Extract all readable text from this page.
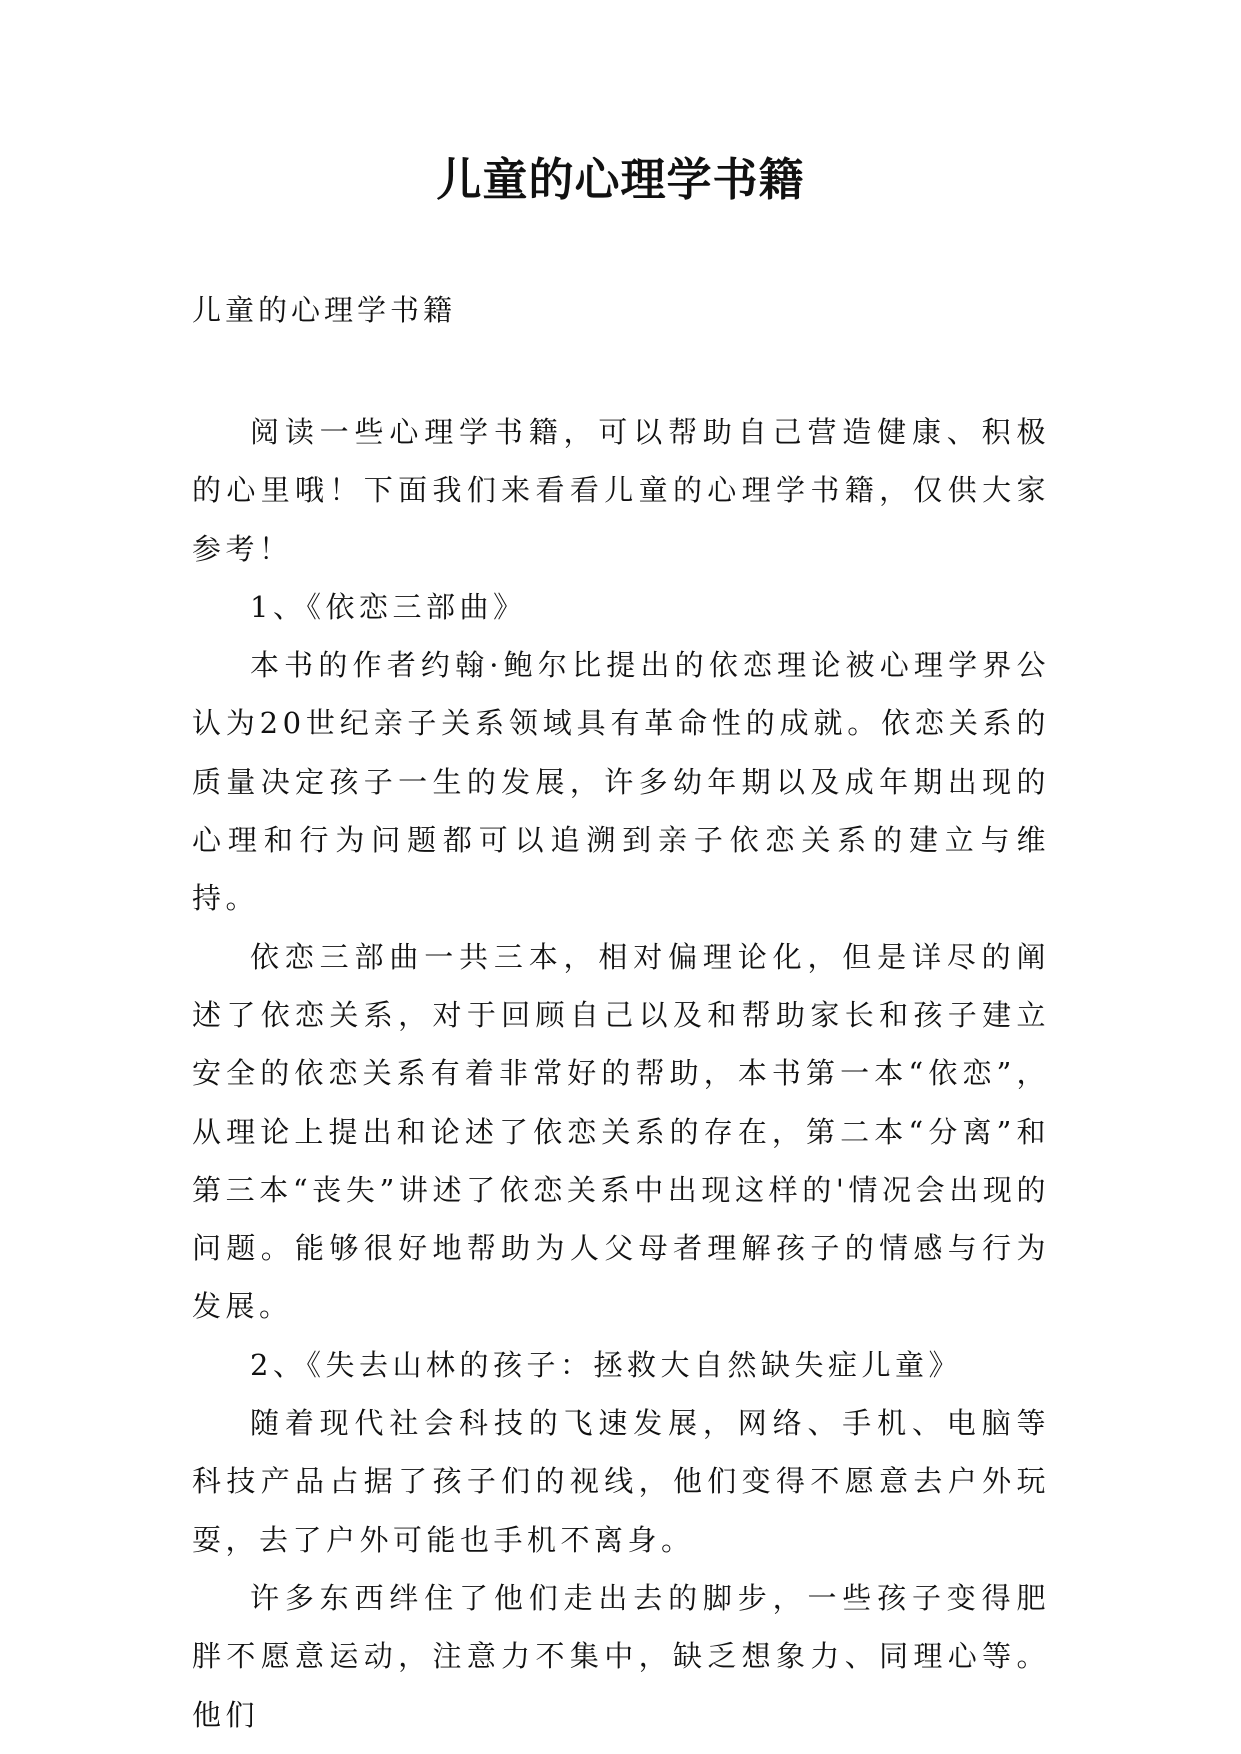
儿童的心理学书籍
儿童的心理学书籍

阅读一些心理学书籍，可以帮助自己营造健康、积极的心里哦！下面我们来看看儿童的心理学书籍，仅供大家参考！

1、《依恋三部曲》

本书的作者约翰·鲍尔比提出的依恋理论被心理学界公认为20世纪亲子关系领域具有革命性的成就。依恋关系的质量决定孩子一生的发展，许多幼年期以及成年期出现的心理和行为问题都可以追溯到亲子依恋关系的建立与维持。

依恋三部曲一共三本，相对偏理论化，但是详尽的阐述了依恋关系，对于回顾自己以及和帮助家长和孩子建立安全的依恋关系有着非常好的帮助，本书第一本“依恋”，从理论上提出和论述了依恋关系的存在，第二本“分离”和第三本“丧失”讲述了依恋关系中出现这样的'情况会出现的问题。能够很好地帮助为人父母者理解孩子的情感与行为发展。

2、《失去山林的孩子：拯救大自然缺失症儿童》

随着现代社会科技的飞速发展，网络、手机、电脑等科技产品占据了孩子们的视线，他们变得不愿意去户外玩耍，去了户外可能也手机不离身。

许多东西绊住了他们走出去的脚步，一些孩子变得肥胖不愿意运动，注意力不集中，缺乏想象力、同理心等。他们
